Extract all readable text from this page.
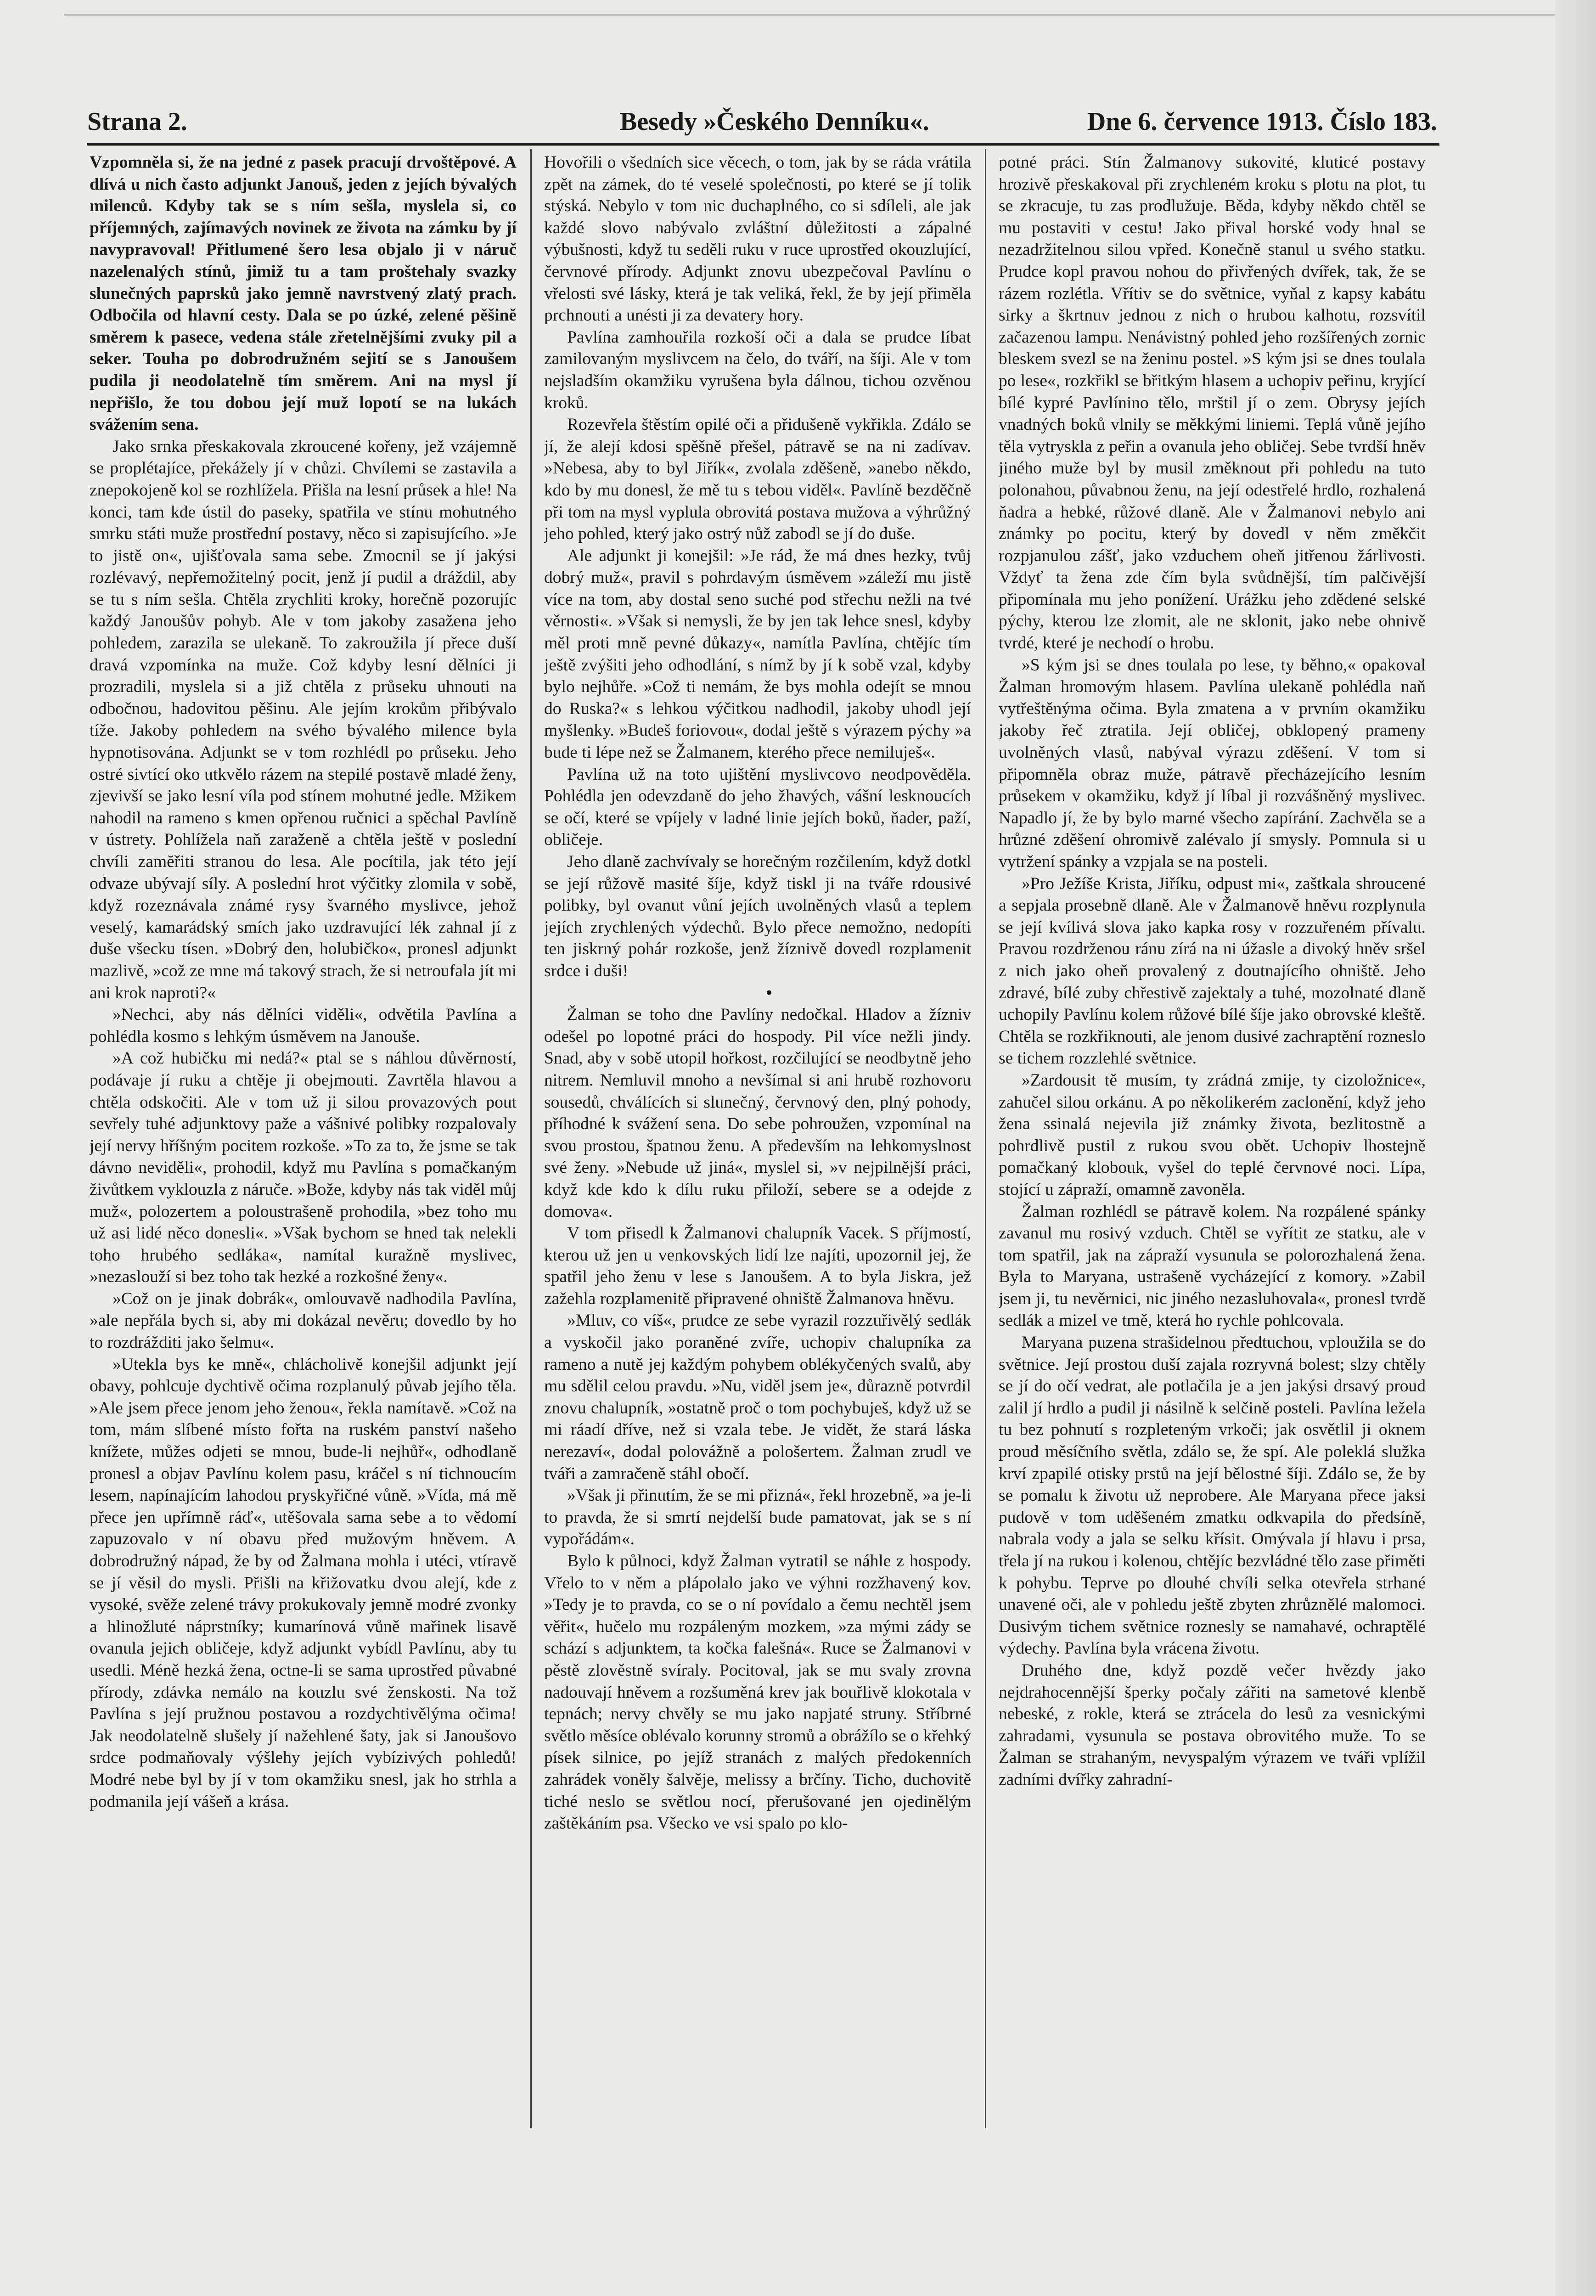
Strana 2.	Besedy »Českého Denníku«.	Dne 6. července 1913. Číslo 183.

Vzpomněla si, že na jedné z pasek pracují drvoštěpové. A dlívá u nich často adjunkt Janouš, jeden z jejích bývalých milenců. Kdyby tak se s ním sešla, myslela si, co příjemných, zajímavých novinek ze života na zámku by jí navypravoval! Přitlumené šero lesa objalo ji v náruč nazelenalých stínů, jimiž tu a tam proštehaly svazky slunečných paprsků jako jemně navrstvený zlatý prach. Odbočila od hlavní cesty. Dala se po úzké, zelené pěšině směrem k pasece, vedena stále zřetelnějšími zvuky pil a seker. Touha po dobrodružném sejití se s Janoušem pudila ji neodolatelně tím směrem. Ani na mysl jí nepřišlo, že tou dobou její muž lopotí se na lukách svážením sena.

Jako srnka přeskakovala zkroucené kořeny, jež vzájemně se proplétajíce, překážely jí v chůzi. Chvílemi se zastavila a znepokojeně kol se rozhlížela. Přišla na lesní průsek a hle! Na konci, tam kde ústil do paseky, spatřila ve stínu mohutného smrku státi muže prostřední postavy, něco si zapisujícího. »Je to jistě on«, ujišťovala sama sebe. Zmocnil se jí jakýsi rozlévavý, nepřemožitelný pocit, jenž jí pudil a dráždil, aby se tu s ním sešla. Chtěla zrychliti kroky, horečně pozorujíc každý Janoušův pohyb. Ale v tom jakoby zasažena jeho pohledem, zarazila se ulekaně. To zakroužila jí přece duší dravá vzpomínka na muže. Což kdyby lesní dělníci ji prozradili, myslela si a již chtěla z průseku uhnouti na odbočnou, hadovitou pěšinu. Ale jejím krokům přibývalo tíže. Jakoby pohledem na svého bývalého milence byla hypnotisována. Adjunkt se v tom rozhlédl po průseku. Jeho ostré sivtící oko utkvělo rázem na stepilé postavě mladé ženy, zjevivší se jako lesní víla pod stínem mohutné jedle. Mžikem nahodil na rameno s kmen opřenou ručnici a spěchal Pavlíně v ústrety. Pohlížela naň zaraženě a chtěla ještě v poslední chvíli zamĕřiti stranou do lesa. Ale pocítila, jak této její odvaze ubývají síly. A poslední hrot výčitky zlomila v sobě, když rozeznávala známé rysy švarného myslivce, jehož veselý, kamarádský smích jako uzdravující lék zahnal jí z duše všecku tísen. »Dobrý den, holubičko«, pronesl adjunkt mazlivě, »což ze mne má takový strach, že si netroufala jít mi ani krok naproti?«

»Nechci, aby nás dělníci viděli«, odvětila Pavlína a pohlédla kosmo s lehkým úsměvem na Janouše.

»A což hubičku mi nedá?« ptal se s náhlou důvěrností, podávaje jí ruku a chtěje ji obejmouti. Zavrtěla hlavou a chtěla odskočiti. Ale v tom už ji silou provazových pout sevřely tuhé adjunktovy paže a vášnivé polibky rozpalovaly její nervy hříšným pocitem rozkoše. »To za to, že jsme se tak dávno neviděli«, prohodil, když mu Pavlína s pomačkaným živůtkem vyklouzla z náruče. »Bože, kdyby nás tak viděl můj muž«, polozertem a poloustrašeně prohodila, »bez toho mu už asi lidé něco donesli«. »Však bychom se hned tak nelekli toho hrubého sedláka«, namítal kuražně myslivec, »nezaslouží si bez toho tak hezké a rozkošné ženy«.

»Což on je jinak dobrák«, omlouvavě nadhodila Pavlína, »ale nepřála bych si, aby mi dokázal nevěru; dovedlo by ho to rozdrážditi jako šelmu«.

»Utekla bys ke mně«, chlácholivě konejšil adjunkt její obavy, pohlcuje dychtivě očima rozplanulý půvab jejího těla. »Ale jsem přece jenom jeho ženou«, řekla namítavě. »Což na tom, mám slíbené místo fořta na ruském panství našeho knížete, můžes odjeti se mnou, bude-li nejhůř«, odhodlaně pronesl a objav Pavlínu kolem pasu, kráčel s ní tichnoucím lesem, napínajícím lahodou pryskyřičné vůně. »Vída, má mě přece jen upřímně ráď«, utěšovala sama sebe a to vědomí zapuzovalo v ní obavu před mužovým hněvem. A dobrodružný nápad, že by od Žalmana mohla i utéci, vtíravě se jí věsil do mysli. Přišli na křižovatku dvou alejí, kde z vysoké, svěže zelené trávy prokukovaly jemně modré zvonky a hlinožluté náprstníky; kumarínová vůně mařinek lisavě ovanula jejich obličeje, když adjunkt vybídl Pavlínu, aby tu usedli. Méně hezká žena, octne-li se sama uprostřed půvabné přírody, zdávka nemálo na kouzlu své ženskosti. Na tož Pavlína s její pružnou postavou a rozdychtivělýma očima! Jak neodolatelně slušely jí nažehlené šaty, jak si Janoušovo srdce podmaňovaly výšlehy jejích vybízivých pohledů! Modré nebe byl by jí v tom okamžiku snesl, jak ho strhla a podmanila její vášeň a krása.

Hovořili o všedních sice věcech, o tom, jak by se ráda vrátila zpět na zámek, do té veselé společnosti, po které se jí tolik stýská. Nebylo v tom nic duchaplného, co si sdíleli, ale jak každé slovo nabývalo zvláštní důležitosti a zápalné výbušnosti, když tu seděli ruku v ruce uprostřed okouzlující, červnové přírody. Adjunkt znovu ubezpečoval Pavlínu o vřelosti své lásky, která je tak veliká, řekl, že by její přiměla prchnouti a unésti ji za devatery hory.

Pavlína zamhouřila rozkoší oči a dala se prudce líbat zamilovaným myslivcem na čelo, do tváří, na šíji. Ale v tom nejsladším okamžiku vyrušena byla dálnou, tichou ozvěnou kroků.

Rozevřela štěstím opilé oči a přidušeně vykřikla. Zdálo se jí, že alejí kdosi spěšně přešel, pátravě se na ni zadívav. »Nebesa, aby to byl Jiřík«, zvolala zděšeně, »anebo někdo, kdo by mu donesl, že mě tu s tebou viděl«. Pavlíně bezděčně při tom na mysl vyplula obrovitá postava mužova a výhrůžný jeho pohled, který jako ostrý nůž zabodl se jí do duše.

Ale adjunkt ji konejšil: »Je rád, že má dnes hezky, tvůj dobrý muž«, pravil s pohrdavým úsměvem »záleží mu jistě více na tom, aby dostal seno suché pod střechu nežli na tvé věrnosti«. »Však si nemysli, že by jen tak lehce snesl, kdyby měl proti mně pevné důkazy«, namítla Pavlína, chtějíc tím ještě zvýšiti jeho odhodlání, s nímž by jí k sobě vzal, kdyby bylo nejhůře. »Což ti nemám, že bys mohla odejít se mnou do Ruska?« s lehkou výčitkou nadhodil, jakoby uhodl její myšlenky. »Budeš foriovou«, dodal ještě s výrazem pýchy »a bude ti lépe než se Žalmanem, kterého přece nemiluješ«.

Pavlína už na toto ujištění myslivcovo neodpověděla. Pohlédla jen odevzdaně do jeho žhavých, vášní lesknoucích se očí, které se vpíjely v ladné linie jejích boků, ňader, paží, obličeje.

Jeho dlaně zachvívaly se horečným rozčilením, když dotkl se její růžově masité šíje, když tiskl ji na tváře rdousivé polibky, byl ovanut vůní jejích uvolněných vlasů a teplem jejích zrychlených výdechů. Bylo přece nemožno, nedopíti ten jiskrný pohár rozkoše, jenž žíznivě dovedl rozplamenit srdce i duši!

•

Žalman se toho dne Pavlíny nedočkal. Hladov a žízniv odešel po lopotné práci do hospody. Pil více nežli jindy. Snad, aby v sobě utopil hořkost, rozčilující se neodbytně jeho nitrem. Nemluvil mnoho a nevšímal si ani hrubě rozhovoru sousedů, chválících si slunečný, červnový den, plný pohody, příhodné k svážení sena. Do sebe pohroužen, vzpomínal na svou prostou, špatnou ženu. A především na lehkomyslnost své ženy. »Nebude už jiná«, myslel si, »v nejpilnější práci, když kde kdo k dílu ruku přiloží, sebere se a odejde z domova«.

V tom přisedl k Žalmanovi chalupník Vacek. S příjmostí, kterou už jen u venkovských lidí lze najíti, upozornil jej, že spatřil jeho ženu v lese s Janoušem. A to byla Jiskra, jež zažehla rozplamenitě připravené ohniště Žalmanova hněvu.

»Mluv, co víš«, prudce ze sebe vyrazil rozzuřivělý sedlák a vyskočil jako poraněné zvíře, uchopiv chalupníka za rameno a nutě jej každým pohybem oblékyčených svalů, aby mu sdělil celou pravdu. »Nu, viděl jsem je«, důrazně potvrdil znovu chalupník, »ostatně proč o tom pochybuješ, když už se mi ráadí dříve, než si vzala tebe. Je vidět, že stará láska nerezaví«, dodal polovážně a pološertem. Žalman zrudl ve tváři a zamračeně stáhl obočí.

»Však ji přinutím, že se mi přizná«, řekl hrozebně, »a je-li to pravda, že si smrtí nejdelší bude pamatovat, jak se s ní vypořádám«.

Bylo k půlnoci, když Žalman vytratil se náhle z hospody. Vřelo to v něm a plápolalo jako ve výhni rozžhavený kov. »Tedy je to pravda, co se o ní povídalo a čemu nechtěl jsem věřit«, hučelo mu rozpáleným mozkem, »za mými zády se schází s adjunktem, ta kočka falešná«. Ruce se Žalmanovi v pěstě zlověstně svíraly. Pocitoval, jak se mu svaly zrovna nadouvají hněvem a rozšuměná krev jak bouřlivě klokotala v tepnách; nervy chvěly se mu jako napjaté struny. Stříbrné světlo měsíce oblévalo korunny stromů a obrážílo se o křehký písek silnice, po jejíž stranách z malých předokenních zahrádek voněly šalvěje, melissy a brčíny. Ticho, duchovitě tiché neslo se světlou nocí, přerušované jen ojedinělým zaštěkáním psa. Všecko ve vsi spalo po klo-

potné práci. Stín Žalmanovy sukovité, kluticé postavy hrozivě přeskakoval při zrychleném kroku s plotu na plot, tu se zkracuje, tu zas prodlužuje. Běda, kdyby někdo chtěl se mu postaviti v cestu! Jako přival horské vody hnal se nezadržitelnou silou vpřed. Konečně stanul u svého statku. Prudce kopl pravou nohou do přivřených dvířek, tak, že se rázem rozlétla. Vřítiv se do světnice, vyňal z kapsy kabátu sirky a škrtnuv jednou z nich o hrubou kalhotu, rozsvítil začazenou lampu. Nenávistný pohled jeho rozšířených zornic bleskem svezl se na ženinu postel. »S kým jsi se dnes toulala po lese«, rozkřikl se břitkým hlasem a uchopiv peřinu, kryjící bílé kypré Pavlínino tělo, mrštil jí o zem. Obrysy jejích vnadných boků vlnily se měkkými liniemi. Teplá vůně jejího těla vytryskla z peřin a ovanula jeho obličej. Sebe tvrdší hněv jiného muže byl by musil změknout při pohledu na tuto polonahou, půvabnou ženu, na její odestřelé hrdlo, rozhalená ňadra a hebké, růžové dlaně. Ale v Žalmanovi nebylo ani známky po pocitu, který by dovedl v něm změkčit rozpjanulou zášť, jako vzduchem oheň jitřenou žárlivosti. Vždyť ta žena zde čím byla svůdnější, tím palčivější připomínala mu jeho ponížení. Urážku jeho zdědené selské pýchy, kterou lze zlomit, ale ne sklonit, jako nebe ohnivě tvrdé, které je nechodí o hrobu.

»S kým jsi se dnes toulala po lese, ty běhno,« opakoval Žalman hromovým hlasem. Pavlína ulekaně pohlédla naň vytřeštěnýma očima. Byla zmatena a v prvním okamžiku jakoby řeč ztratila. Její obličej, obklopený prameny uvolněných vlasů, nabýval výrazu zděšení. V tom si připomněla obraz muže, pátravě přecházejícího lesním průsekem v okamžiku, když jí líbal ji rozvášněný myslivec. Napadlo jí, že by bylo marné všecho zapírání. Zachvěla se a hrůzné zděšení ohromivě zalévalo jí smysly. Pomnula si u vytržení spánky a vzpjala se na posteli.

»Pro Ježíše Krista, Jiříku, odpust mi«, zaštkala shroucené a sepjala prosebně dlaně. Ale v Žalmanově hněvu rozplynula se její kvílivá slova jako kapka rosy v rozzuřeném přívalu. Pravou rozdrženou ránu zírá na ni úžasle a divoký hněv sršel z nich jako oheň provalený z doutnajícího ohniště. Jeho zdravé, bílé zuby chřestivě zajektaly a tuhé, mozolnaté dlaně uchopily Pavlínu kolem růžové bílé šíje jako obrovské kleště. Chtěla se rozkřiknouti, ale jenom dusivé zachraptění rozneslo se tichem rozzlehlé světnice.

»Zardousit tě musím, ty zrádná zmije, ty cizoložnice«, zahučel silou orkánu. A po několikerém zaclonění, když jeho žena ssinalá nejevila již známky života, bezlitostně a pohrdlivě pustil z rukou svou obět. Uchopiv lhostejně pomačkaný klobouk, vyšel do teplé červnové noci. Lípa, stojící u zápraží, omamně zavoněla.

Žalman rozhlédl se pátravě kolem. Na rozpálené spánky zavanul mu rosivý vzduch. Chtěl se vyřítit ze statku, ale v tom spatřil, jak na zápraží vysunula se polorozhalená žena. Byla to Maryana, ustrašeně vycházející z komory. »Zabil jsem ji, tu nevěrnici, nic jiného nezasluhovala«, pronesl tvrdě sedlák a mizel ve tmě, která ho rychle pohlcovala.

Maryana puzena strašidelnou předtuchou, vploužila se do světnice. Její prostou duší zajala rozryvná bolest; slzy chtěly se jí do očí vedrat, ale potlačila je a jen jakýsi drsavý proud zalil jí hrdlo a pudil ji násilně k selčině posteli. Pavlína ležela tu bez pohnutí s rozpleteným vrkoči; jak osvětlil ji oknem proud měsíčního světla, zdálo se, že spí. Ale poleklá služka krví zpapilé otisky prstů na její bělostné šíji. Zdálo se, že by se pomalu k životu už neprobere. Ale Maryana přece jaksi pudově v tom uděšeném zmatku odkvapila do předsíně, nabrala vody a jala se selku křísit. Omývala jí hlavu i prsa, třela jí na rukou i kolenou, chtějíc bezvládné tělo zase přiměti k pohybu. Teprve po dlouhé chvíli selka otevřela strhané unavené oči, ale v pohledu ještě zbyten zhrůznělé malomoci. Dusivým tichem světnice roznesly se namahavé, ochraptělé výdechy. Pavlína byla vrácena životu.

Druhého dne, když pozdě večer hvězdy jako nejdrahocennější šperky počaly zářiti na sametové klenbě nebeské, z rokle, která se ztrácela do lesů za vesnickými zahradami, vysunula se postava obrovitého muže. To se Žalman se strahaným, nevyspalým výrazem ve tváři vplížil zadními dvířky zahradní-
